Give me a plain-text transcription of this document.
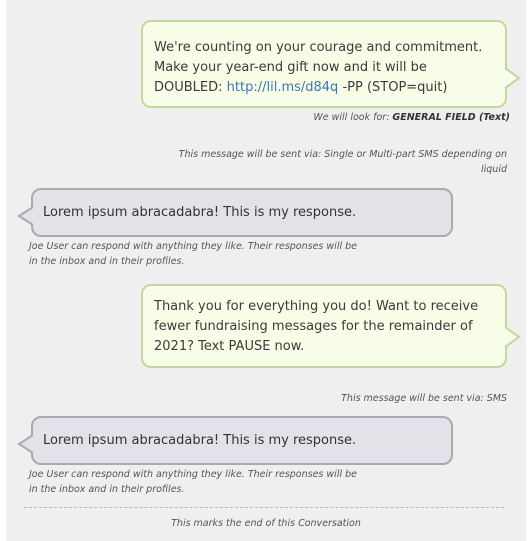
We're counting on your courage and commitment. Make your year-end gift now and it will be DOUBLED: http://lil.ms/d84q -PP (STOP=quit)
We will look for: GENERAL FIELD (Text)
This message will be sent via: Single or Multi-part SMS depending on liquid
Lorem ipsum abracadabra! This is my response.
Joe User can respond with anything they like. Their responses will be in the inbox and in their profiles.
Thank you for everything you do! Want to receive fewer fundraising messages for the remainder of 2021? Text PAUSE now.
This message will be sent via: SMS
Lorem ipsum abracadabra! This is my response.
Joe User can respond with anything they like. Their responses will be in the inbox and in their profiles.
This marks the end of this Conversation
